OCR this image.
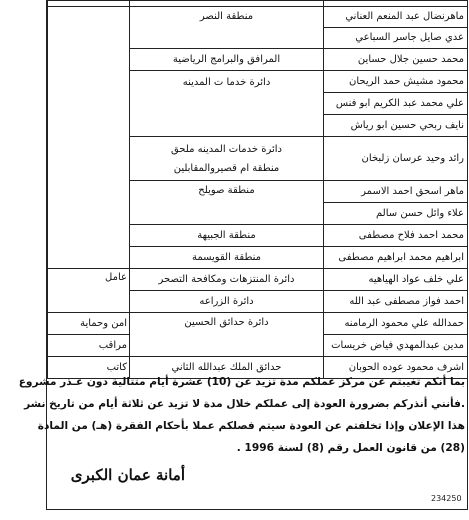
ماهرنضال عبد المنعم العناني	منطقة النصر	
عدي صايل جاسر السباعي		
محمد حسين جلال حساين	المرافق والبرامج الرياضية	
محمود مشيش حمد الريحان	دائرة خدما ت المدينه	
علي محمد عبد الكريم ابو فنس		
نايف ربحي حسين ابو رياش		
رائد وحيد عرسان زلبخان	دائرة خدمات المدينه ملحق
منطقة ام قصيروالمقابلين	

ماهر اسحق احمد الاسمر	منطقة صويلح	
علاء وائل حسن سالم		
محمد احمد فلاح مصطفى	منطقة الجبيهة	
ابراهيم محمد ابراهيم مصطفى	منطقة القويسمة	
علي خلف عواد الهياهيه	دائرة المنتزهات ومكافحة التصحر	عامل
احمد فواز مصطفى عبد الله	دائرة الزراعه	
حمدالله علي محمود الرمامنه	دائرة حدائق الحسين	امن وحماية
مدين عبدالمهدي فياض خريسات		مراقب
اشرف محمود عوده الحوبان	حدائق الملك عبدالله الثاني	كاتب
بما أنكم تغيبتم عن مركز عملكم مدة تزيد عن (10) عشرة أيام متتالية دون عـذر مشروع
.فأنني أنذركم بضرورة العودة إلى عملكم خلال مدة لا تزيد عن ثلاثة أيام من تاريخ نشر
هذا الإعلان وإذا تخلفتم عن العودة سيتم فصلكم عملا بأحكام الفقرة (هـ) من المادة
(28) من قانون العمل رقم (8) لسنة 1996 .
أمانة عمان الكبرى
234250
